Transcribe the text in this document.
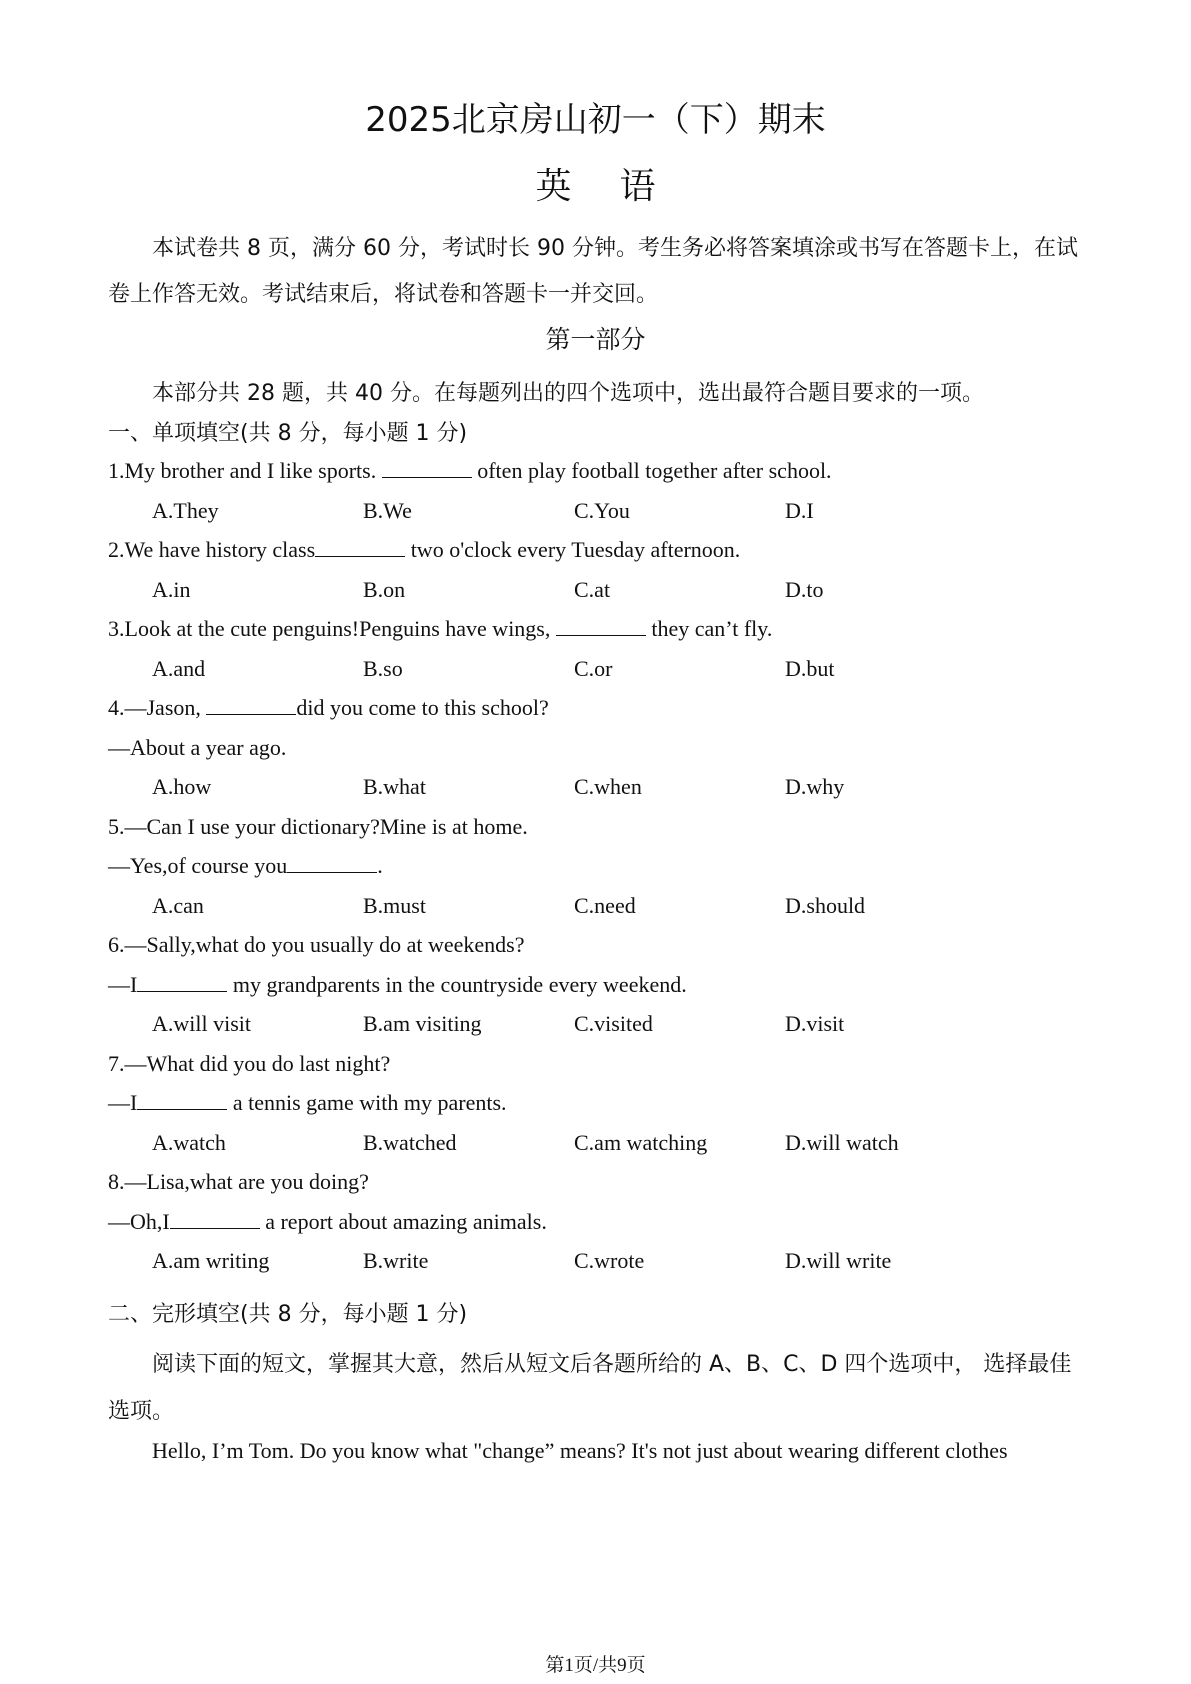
2025北京房山初一（下）期末
英语
本试卷共 8 页，满分 60 分，考试时长 90 分钟。考生务必将答案填涂或书写在答题卡上，在试卷上作答无效。考试结束后，将试卷和答题卡一并交回。
第一部分
本部分共 28 题，共 40 分。在每题列出的四个选项中，选出最符合题目要求的一项。
一、单项填空(共 8 分，每小题 1 分)
1.My brother and I like sports.	often play football together after school.
A.They	B.We	C.You	D.I
2.We have history class	two o'clock every Tuesday afternoon.
A.in	B.on	C.at	D.to
3.Look at the cute penguins!Penguins have wings,	they can’t fly.
A.and	B.so	C.or	D.but
4.—Jason,	did you come to this school?
—About a year ago.
A.how	B.what	C.when	D.why
5.—Can I use your dictionary?Mine is at home.
—Yes,of course you	.
A.can	B.must	C.need	D.should
6.—Sally,what do you usually do at weekends?
—I	my grandparents in the countryside every weekend.
A.will visit	B.am visiting	C.visited	D.visit
7.—What did you do last night?
—I	a tennis game with my parents.
A.watch	B.watched	C.am watching	D.will watch
8.—Lisa,what are you doing?
—Oh,I	a report about amazing animals.
A.am writing	B.write	C.wrote	D.will write
二、完形填空(共 8 分，每小题 1 分)
阅读下面的短文，掌握其大意，然后从短文后各题所给的 A、B、C、D 四个选项中， 选择最佳选项。
Hello, I’m Tom. Do you know what "change” means? It's not just about wearing different clothes
第1页/共9页
